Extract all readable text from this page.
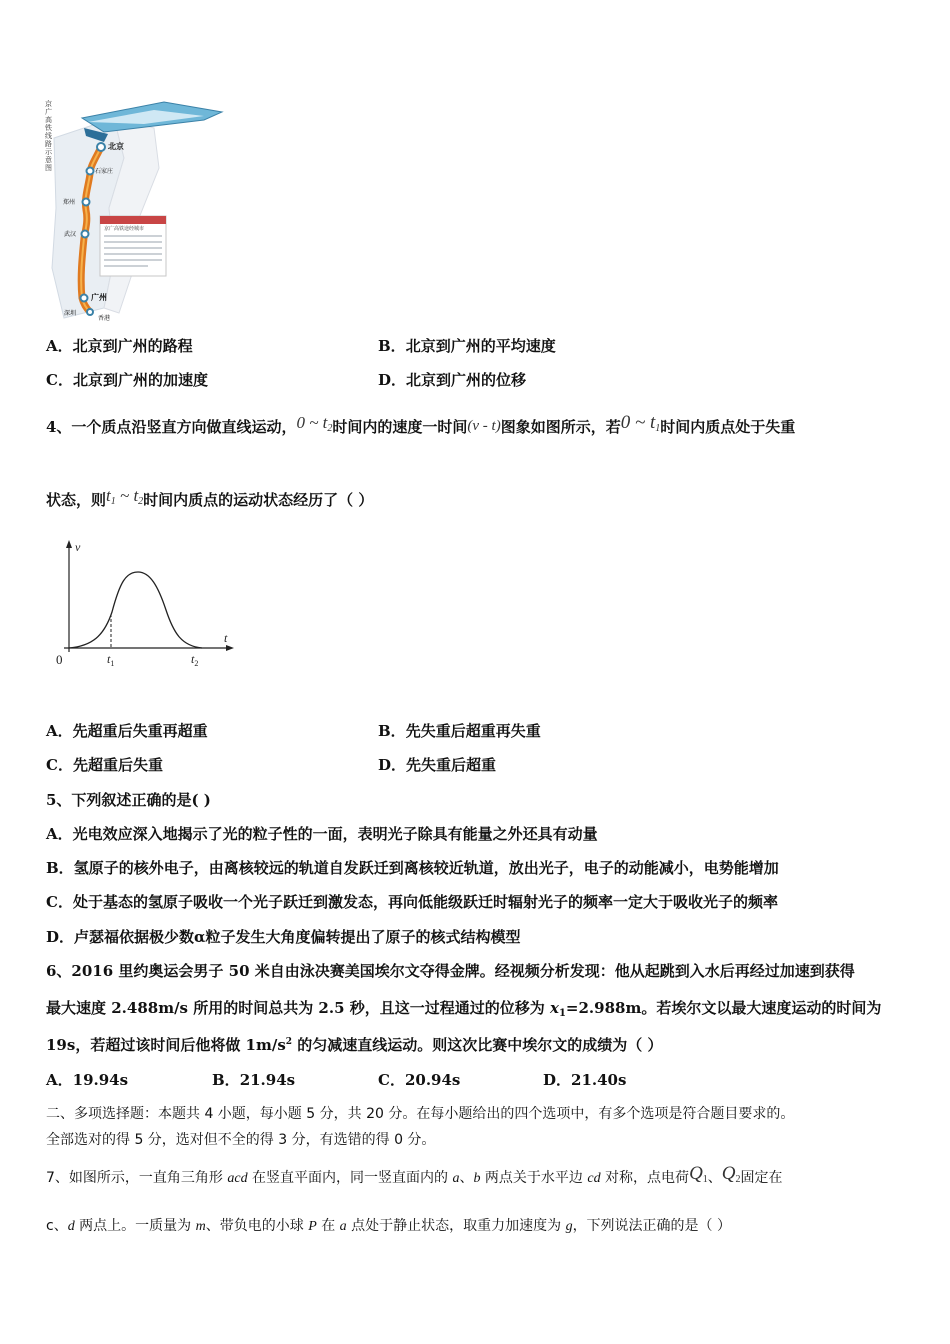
京广高铁线路示意图
北京
石家庄
郑州
武汉
广州
深圳
香港
京广高铁途经城市
A．北京到广州的路程	B．北京到广州的平均速度
C．北京到广州的加速度	D．北京到广州的位移
4、一个质点沿竖直方向做直线运动，0 ~ $t_2$时间内的速度一时间(v - t)图象如图所示，若0 ~ $t_1$时间内质点处于失重
状态，则$t_1$ ~ $t_2$时间内质点的运动状态经历了（ ）
v
t
0	$t_1$	$t_2$
A．先超重后失重再超重	B．先失重后超重再失重
C．先超重后失重	D．先失重后超重
5、下列叙述正确的是( )
A．光电效应深入地揭示了光的粒子性的一面，表明光子除具有能量之外还具有动量
B．氢原子的核外电子，由离核较远的轨道自发跃迁到离核较近轨道，放出光子，电子的动能减小，电势能增加
C．处于基态的氢原子吸收一个光子跃迁到激发态，再向低能级跃迁时辐射光子的频率一定大于吸收光子的频率
D．卢瑟福依据极少数α粒子发生大角度偏转提出了原子的核式结构模型
6、2016 里约奥运会男子 50 米自由泳决赛美国埃尔文夺得金牌。经视频分析发现：他从起跳到入水后再经过加速到获得
最大速度 2.488m/s 所用的时间总共为 2.5 秒，且这一过程通过的位移为 $x_1=2.988m$。若埃尔文以最大速度运动的时间为
19s，若超过该时间后他将做 $1m/s^2$ 的匀减速直线运动。则这次比赛中埃尔文的成绩为（ ）
A．19.94s	B．21.94s	C．20.94s	D．21.40s
二、多项选择题：本题共 4 小题，每小题 5 分，共 20 分。在每小题给出的四个选项中，有多个选项是符合题目要求的。
全部选对的得 5 分，选对但不全的得 3 分，有选错的得 0 分。
7、如图所示，一直角三角形 acd 在竖直平面内，同一竖直面内的 a、b 两点关于水平边 cd 对称，点电荷$Q_1$、$Q_2$固定在
c、d 两点上。一质量为 m、带负电的小球 P 在 a 点处于静止状态，取重力加速度为 g，下列说法正确的是（ ）
